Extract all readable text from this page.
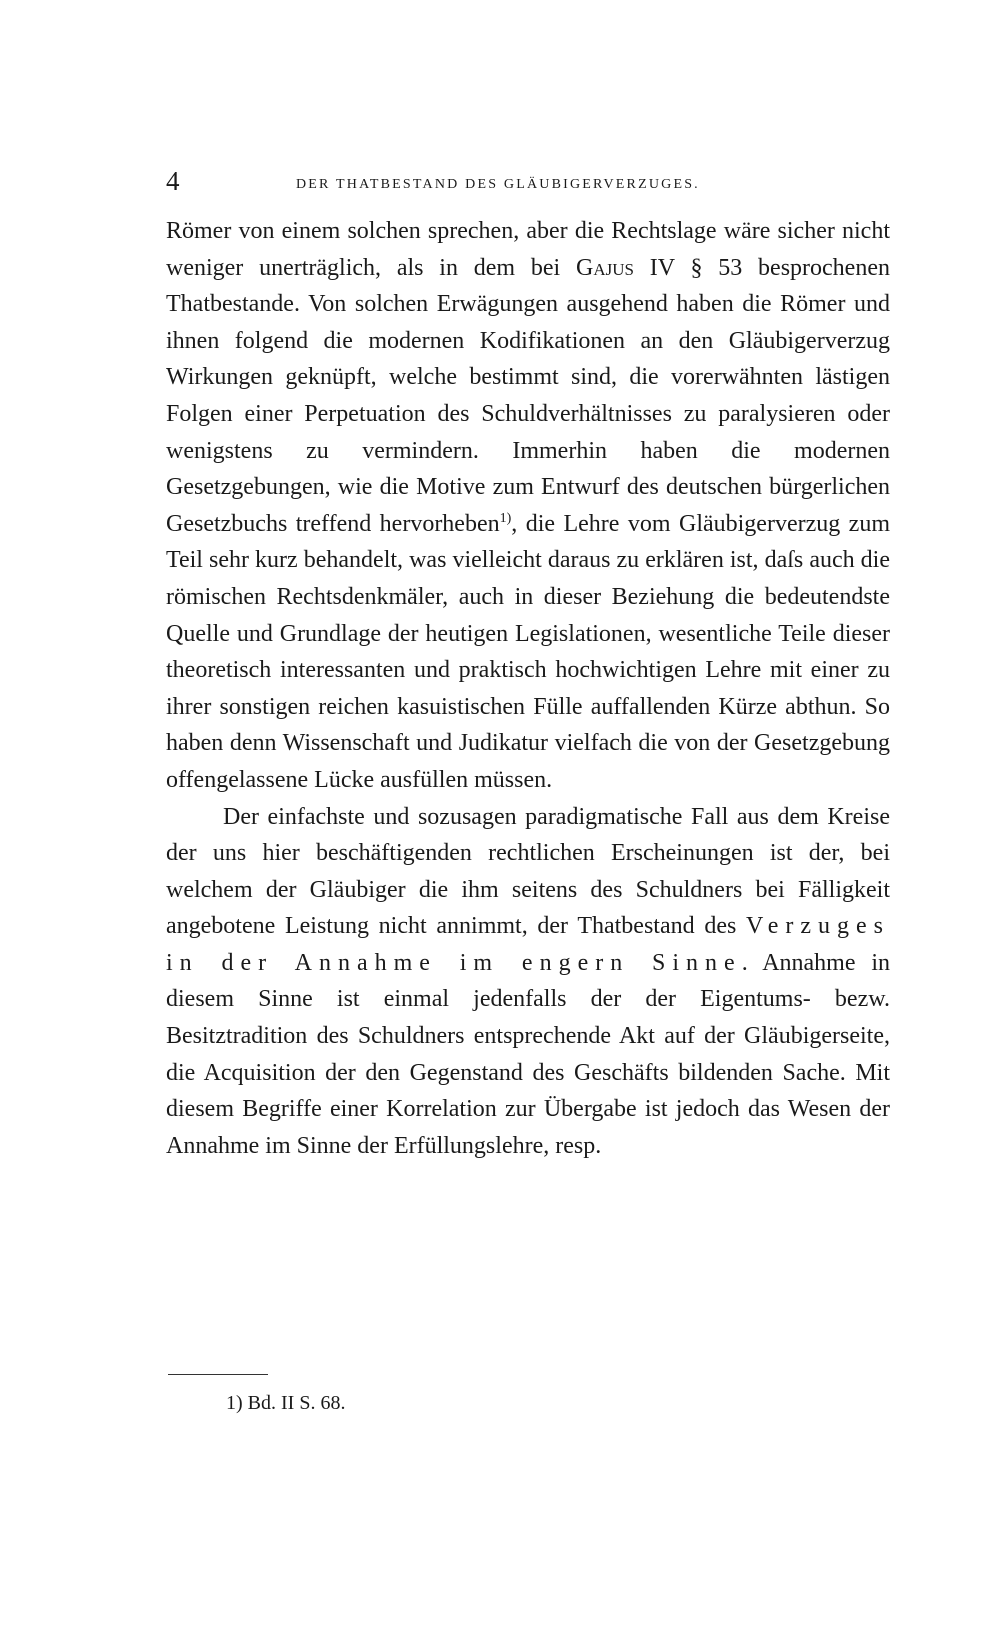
4	DER THATBESTAND DES GLÄUBIGERVERZUGES.

Römer von einem solchen sprechen, aber die Rechtslage wäre sicher nicht weniger unerträglich, als in dem bei Gajus IV § 53 besprochenen Thatbestande. Von solchen Erwägungen ausgehend haben die Römer und ihnen folgend die modernen Kodifikationen an den Gläubigerverzug Wirkungen geknüpft, welche bestimmt sind, die vorerwähnten lästigen Folgen einer Perpetuation des Schuldverhältnisses zu paralysieren oder wenigstens zu vermindern. Immerhin haben die modernen Gesetzgebungen, wie die Motive zum Entwurf des deutschen bürgerlichen Gesetzbuchs treffend hervorheben$^{1)}$, die Lehre vom Gläubigerverzug zum Teil sehr kurz behandelt, was vielleicht daraus zu erklären ist, daſs auch die römischen Rechtsdenkmäler, auch in dieser Beziehung die bedeutendste Quelle und Grundlage der heutigen Legislationen, wesentliche Teile dieser theoretisch interessanten und praktisch hochwichtigen Lehre mit einer zu ihrer sonstigen reichen kasuistischen Fülle auffallenden Kürze abthun. So haben denn Wissenschaft und Judikatur vielfach die von der Gesetzgebung offengelassene Lücke ausfüllen müssen.

Der einfachste und sozusagen paradigmatische Fall aus dem Kreise der uns hier beschäftigenden rechtlichen Erscheinungen ist der, bei welchem der Gläubiger die ihm seitens des Schuldners bei Fälligkeit angebotene Leistung nicht annimmt, der Thatbestand des Verzuges in der Annahme im engern Sinne. Annahme in diesem Sinne ist einmal jedenfalls der der Eigentums- bezw. Besitztradition des Schuldners entsprechende Akt auf der Gläubigerseite, die Acquisition der den Gegenstand des Geschäfts bildenden Sache. Mit diesem Begriffe einer Korrelation zur Übergabe ist jedoch das Wesen der Annahme im Sinne der Erfüllungslehre, resp.

1) Bd. II S. 68.
